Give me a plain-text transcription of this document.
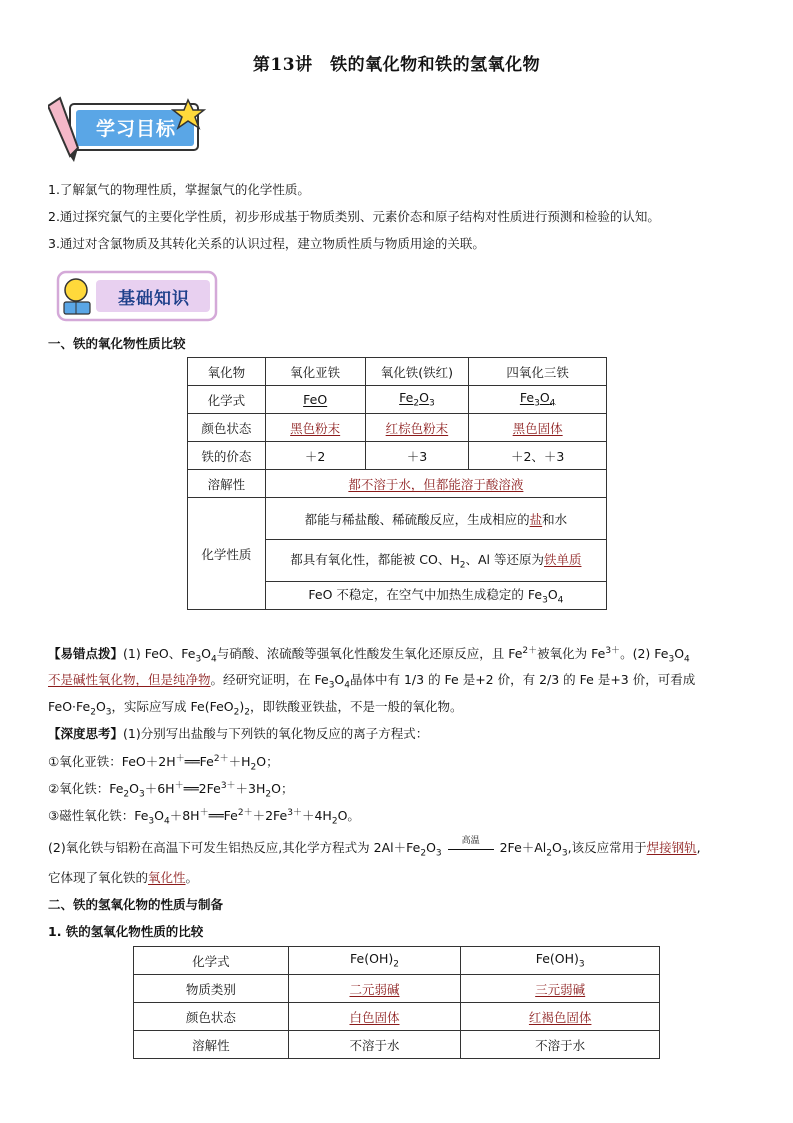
第13讲　铁的氧化物和铁的氢氧化物
学习目标
1.了解氯气的物理性质，掌握氯气的化学性质。
2.通过探究氯气的主要化学性质，初步形成基于物质类别、元素价态和原子结构对性质进行预测和检验的认知。
3.通过对含氯物质及其转化关系的认识过程，建立物质性质与物质用途的关联。
基础知识
一、铁的氧化物性质比较
氧化物	氧化亚铁	氧化铁(铁红)	四氧化三铁
化学式	FeO	$Fe_2O_3$	$Fe_3O_4$
颜色状态	黑色粉末	红棕色粉末	黑色固体
铁的价态	＋2	＋3	＋2、＋3
溶解性	都不溶于水，但都能溶于酸溶液		
化学性质	都能与稀盐酸、稀硫酸反应，生成相应的盐和水		
	都具有氧化性，都能被 CO、$H_2$、Al 等还原为铁单质		
	FeO 不稳定，在空气中加热生成稳定的 $Fe_3O_4$
【易错点拨】(1) FeO、$Fe_3O_4$与硝酸、浓硫酸等强氧化性酸发生氧化还原反应，且 $Fe^{2+}$被氧化为 $Fe^{3+}$。(2) $Fe_3O_4$
不是碱性氧化物，但是纯净物。经研究证明，在 $Fe_3O_4$晶体中有 1/3 的 Fe 是+2 价，有 2/3 的 Fe 是+3 价，可看成
$FeO\cdot Fe_2O_3$，实际应写成 $Fe(FeO_2)_2$，即铁酸亚铁盐，不是一般的氧化物。
【深度思考】(1)分别写出盐酸与下列铁的氧化物反应的离子方程式：
①氧化亚铁：$FeO+2H^+══Fe^{2+}+H_2O$；
②氧化铁：$Fe_2O_3+6H^+══2Fe^{3+}+3H_2O$；
③磁性氧化铁：$Fe_3O_4+8H^+══Fe^{2+}+2Fe^{3+}+4H_2O$。
(2)氧化铁与铝粉在高温下可发生铝热反应,其化学方程式为 $2Al+Fe_2O_3$
高温	$2Fe+Al_2O_3$,该反应常用于焊接钢轨,
它体现了氧化铁的氧化性。
二、铁的氢氧化物的性质与制备
1. 铁的氢氧化物性质的比较
化学式	$Fe(OH)_2$	$Fe(OH)_3$
物质类别	二元弱碱	三元弱碱
颜色状态	白色固体	红褐色固体
溶解性	不溶于水	不溶于水
